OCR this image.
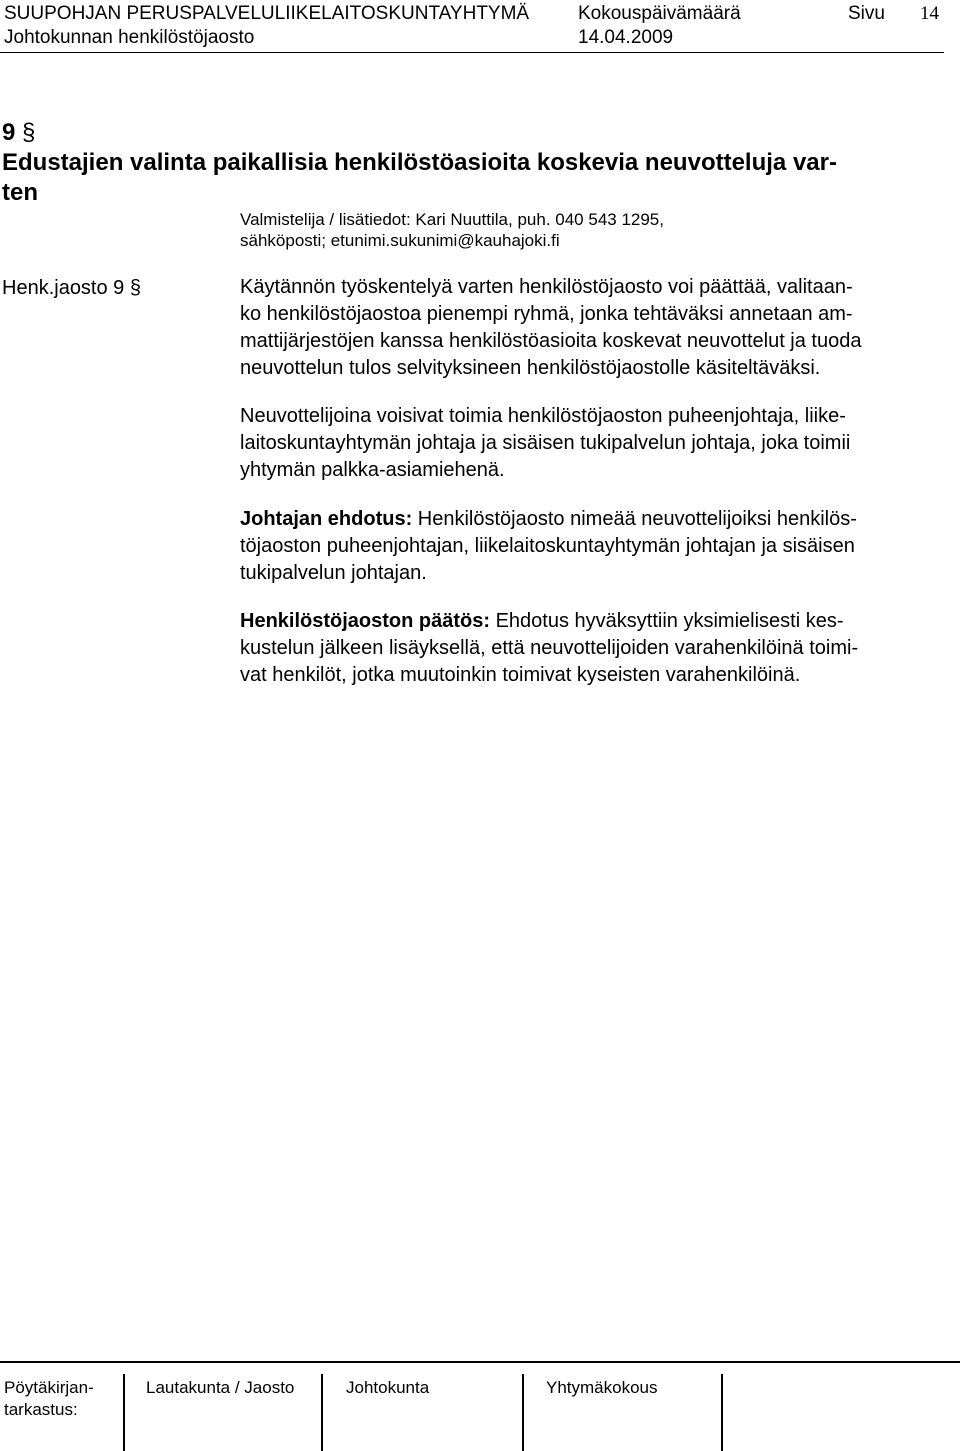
SUUPOHJAN PERUSPALVELULIIKELAITOSKUNTAYHTYMÄ	Kokouspäivämäärä	Sivu 14
Johtokunnan henkilöstöjaosto	14.04.2009
9 §
Edustajien valinta paikallisia henkilöstöasioita koskevia neuvotteluja var-
ten
Valmistelija / lisätiedot: Kari Nuuttila, puh. 040 543 1295,
sähköposti; etunimi.sukunimi@kauhajoki.fi
Henk.jaosto 9 §	Käytännön työskentelyä varten henkilöstöjaosto voi päättää, valitaan-
ko henkilöstöjaostoa pienempi ryhmä, jonka tehtäväksi annetaan am-
mattijärjestöjen kanssa henkilöstöasioita koskevat neuvottelut ja tuoda
neuvottelun tulos selvityksineen henkilöstöjaostolle käsiteltäväksi.
Neuvottelijoina voisivat toimia henkilöstöjaoston puheenjohtaja, liike-
laitoskuntayhtymän johtaja ja sisäisen tukipalvelun johtaja, joka toimii
yhtymän palkka-asiamiehenä.
Johtajan ehdotus: Henkilöstöjaosto nimeää neuvottelijoiksi henkilös-
töjaoston puheenjohtajan, liikelaitoskuntayhtymän johtajan ja sisäisen
tukipalvelun johtajan.
Henkilöstöjaoston päätös: Ehdotus hyväksyttiin yksimielisesti kes-
kustelun jälkeen lisäyksellä, että neuvottelijoiden varahenkilöinä toimi-
vat henkilöt, jotka muutoinkin toimivat kyseisten varahenkilöinä.
Pöytäkirjan-
tarkastus:
Lautakunta / Jaosto	Johtokunta	Yhtymäkokous
